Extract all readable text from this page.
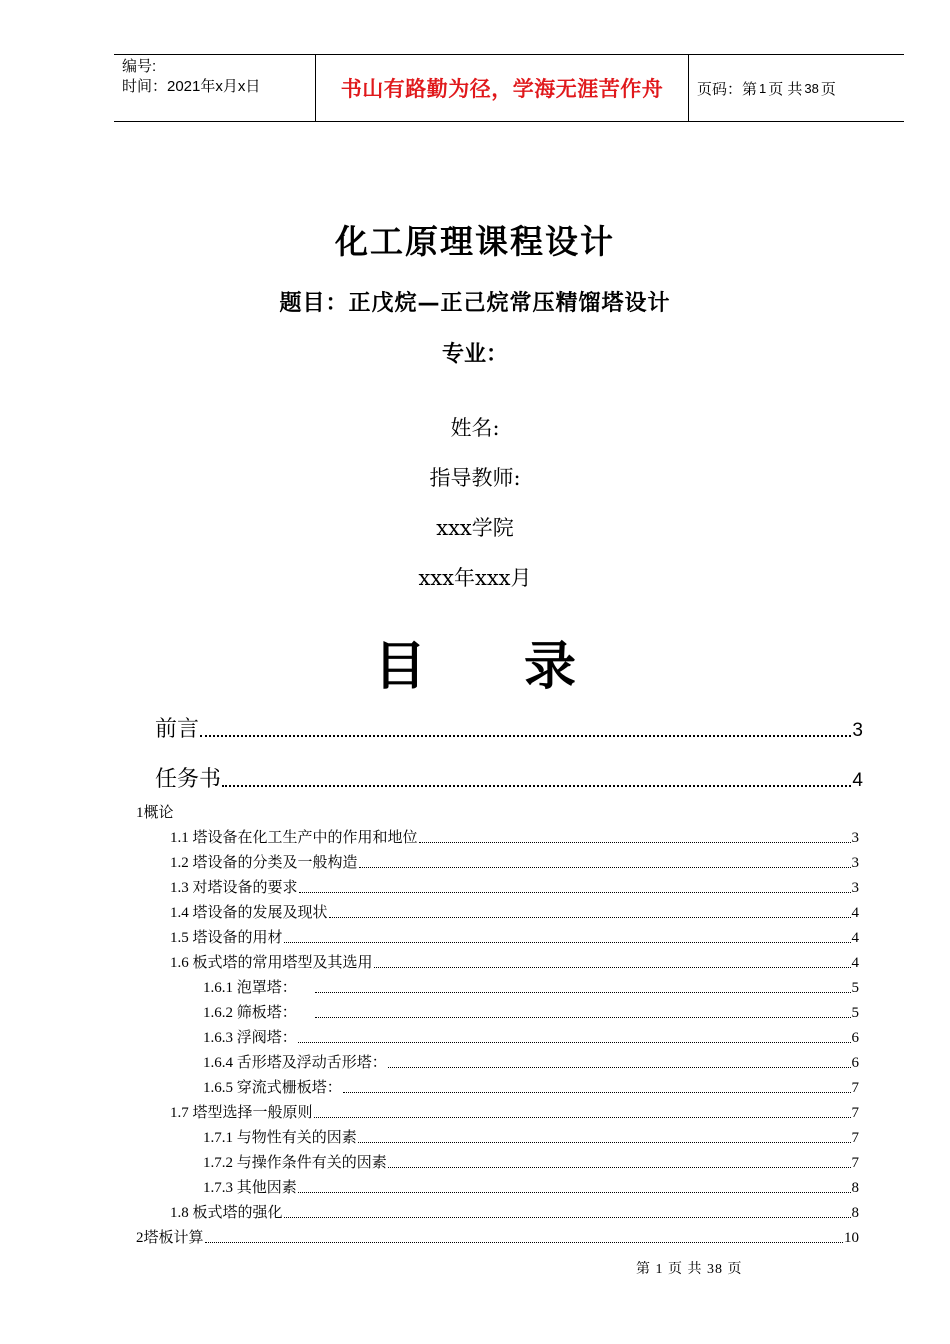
编号:
时间：2021年x月x日	书山有路勤为径，学海无涯苦作舟	页码：第 1 页 共 38 页
化工原理课程设计
题目：正戊烷—正己烷常压精馏塔设计
专业：
姓名:
指导教师:
xxx学院
xxx年xxx月
目 录
前言	3
任务书	4
1概论
1.1 塔设备在化工生产中的作用和地位	3
1.2 塔设备的分类及一般构造	3
1.3 对塔设备的要求	3
1.4 塔设备的发展及现状	4
1.5 塔设备的用材	4
1.6 板式塔的常用塔型及其选用	4
1.6.1 泡罩塔：	5
1.6.2 筛板塔：	5
1.6.3 浮阀塔：	6
1.6.4 舌形塔及浮动舌形塔：	6
1.6.5 穿流式栅板塔：	7
1.7 塔型选择一般原则	7
1.7.1 与物性有关的因素	7
1.7.2 与操作条件有关的因素	7
1.7.3 其他因素	8
1.8 板式塔的强化	8
2塔板计算	10
第 1 页 共 38 页
